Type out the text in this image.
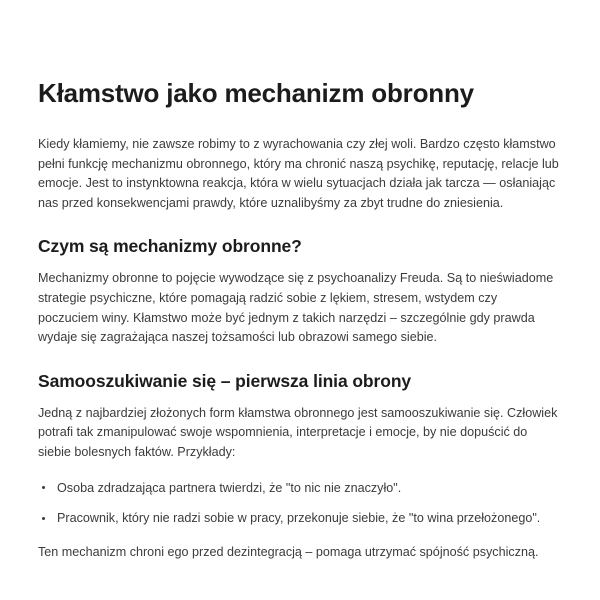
Kłamstwo jako mechanizm obronny

Kiedy kłamiemy, nie zawsze robimy to z wyrachowania czy złej woli. Bardzo często kłamstwo pełni funkcję mechanizmu obronnego, który ma chronić naszą psychikę, reputację, relacje lub emocje. Jest to instynktowna reakcja, która w wielu sytuacjach działa jak tarcza — osłaniając nas przed konsekwencjami prawdy, które uznalibyśmy za zbyt trudne do zniesienia.

Czym są mechanizmy obronne?

Mechanizmy obronne to pojęcie wywodzące się z psychoanalizy Freuda. Są to nieświadome strategie psychiczne, które pomagają radzić sobie z lękiem, stresem, wstydem czy poczuciem winy. Kłamstwo może być jednym z takich narzędzi – szczególnie gdy prawda wydaje się zagrażająca naszej tożsamości lub obrazowi samego siebie.

Samooszukiwanie się – pierwsza linia obrony

Jedną z najbardziej złożonych form kłamstwa obronnego jest samooszukiwanie się. Człowiek potrafi tak zmanipulować swoje wspomnienia, interpretacje i emocje, by nie dopuścić do siebie bolesnych faktów. Przykłady:

Osoba zdradzająca partnera twierdzi, że "to nic nie znaczyło".
Pracownik, który nie radzi sobie w pracy, przekonuje siebie, że "to wina przełożonego".

Ten mechanizm chroni ego przed dezintegracją – pomaga utrzymać spójność psychiczną.
